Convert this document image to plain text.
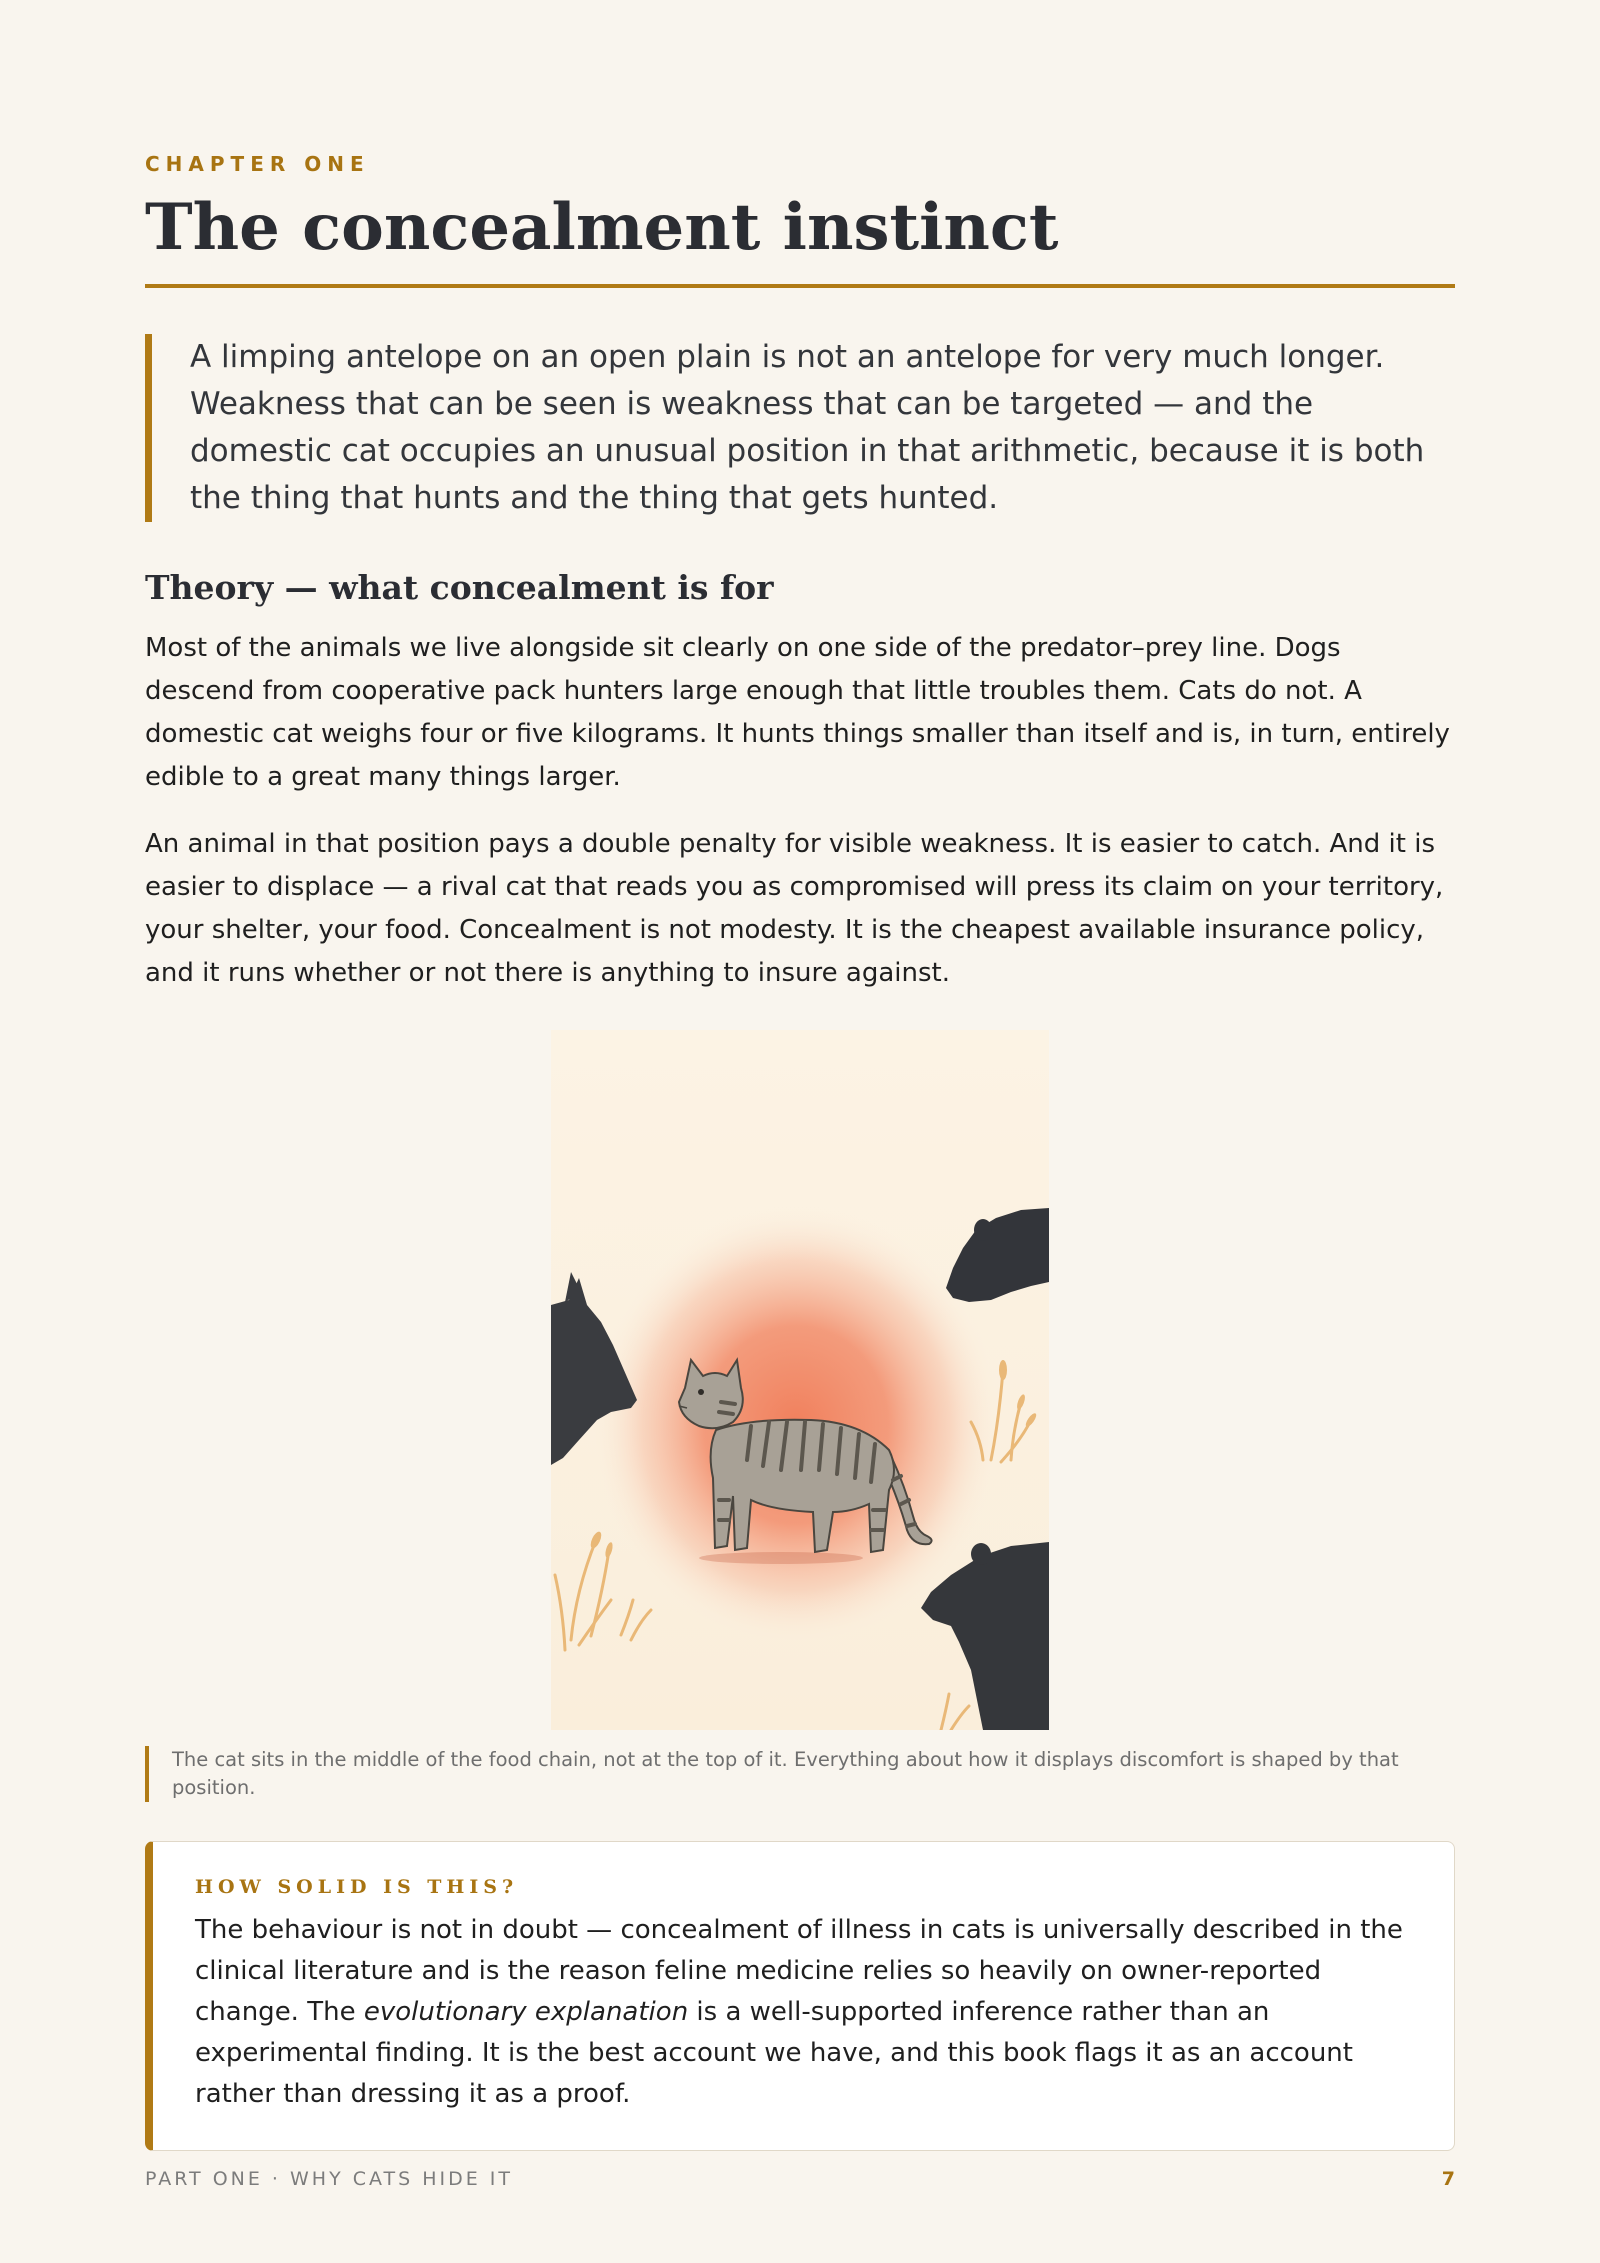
CHAPTER ONE
The concealment instinct

A limping antelope on an open plain is not an antelope for very much longer. Weakness that can be seen is weakness that can be targeted — and the domestic cat occupies an unusual position in that arithmetic, because it is both the thing that hunts and the thing that gets hunted.

Theory — what concealment is for

Most of the animals we live alongside sit clearly on one side of the predator–prey line. Dogs descend from cooperative pack hunters large enough that little troubles them. Cats do not. A domestic cat weighs four or five kilograms. It hunts things smaller than itself and is, in turn, entirely edible to a great many things larger.

An animal in that position pays a double penalty for visible weakness. It is easier to catch. And it is easier to displace — a rival cat that reads you as compromised will press its claim on your territory, your shelter, your food. Concealment is not modesty. It is the cheapest available insurance policy, and it runs whether or not there is anything to insure against.

The cat sits in the middle of the food chain, not at the top of it. Everything about how it displays discomfort is shaped by that position.

HOW SOLID IS THIS?

The behaviour is not in doubt — concealment of illness in cats is universally described in the clinical literature and is the reason feline medicine relies so heavily on owner-reported change. The evolutionary explanation is a well-supported inference rather than an experimental finding. It is the best account we have, and this book flags it as an account rather than dressing it as a proof.

PART ONE · WHY CATS HIDE IT	7
